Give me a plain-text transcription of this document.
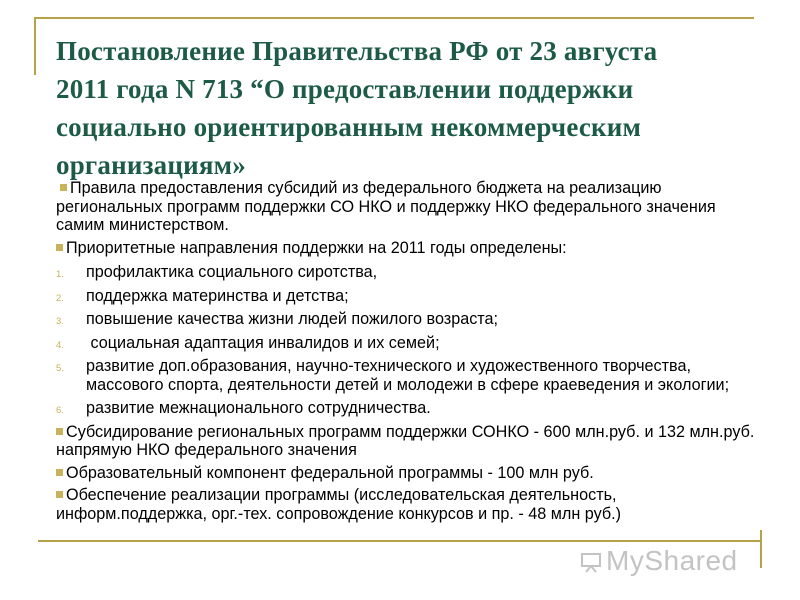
Постановление Правительства РФ от 23 августа
2011 года N 713 “О предоставлении поддержки
социально ориентированным некоммерческим
организациям»
Правила предоставления субсидий из федерального бюджета на реализацию региональных программ поддержки СО НКО и поддержку НКО федерального значения самим министерством.
Приоритетные направления поддержки на 2011 годы определены:
1. профилактика социального сиротства,
2. поддержка материнства и детства;
3. повышение качества жизни людей пожилого возраста;
4. социальная адаптация инвалидов и их семей;
5. развитие доп.образования, научно-технического и художественного творчества, массового спорта, деятельности детей и молодежи в сфере краеведения и экологии;
6. развитие межнационального сотрудничества.
Субсидирование региональных программ поддержки СОНКО - 600 млн.руб. и 132 млн.руб. напрямую НКО федерального значения
Образовательный компонент федеральной программы - 100 млн руб.
Обеспечение реализации программы (исследовательская деятельность, информ.поддержка, орг.-тех. сопровождение конкурсов и пр. - 48 млн руб.)
MyShared
